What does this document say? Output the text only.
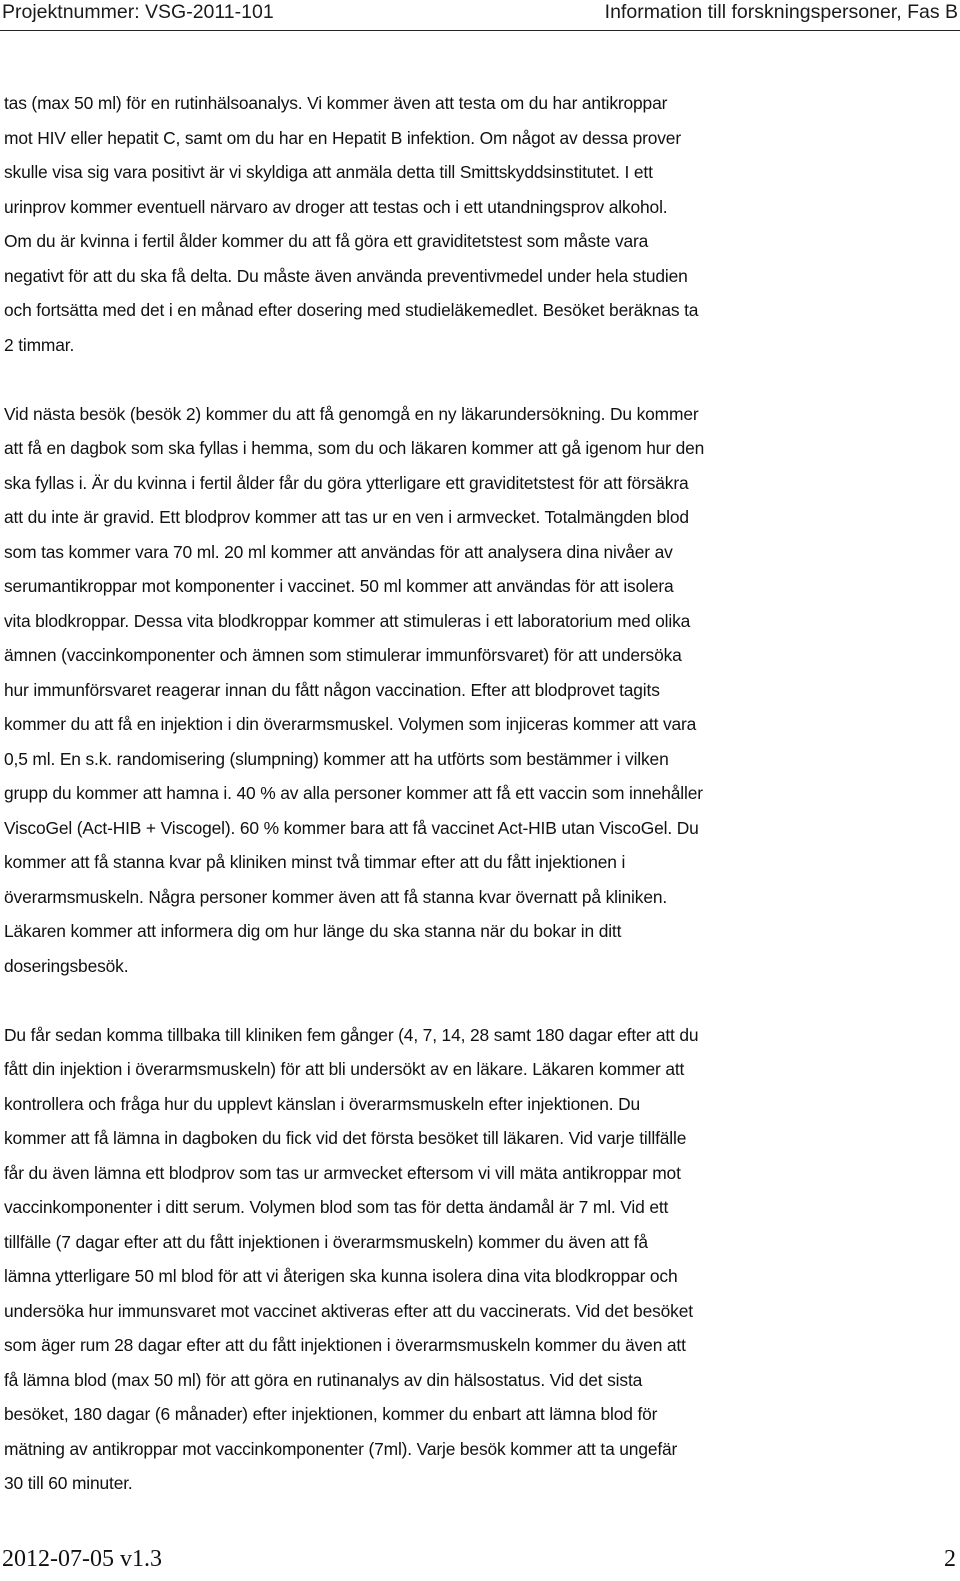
Projektnummer: VSG-2011-101	Information till forskningspersoner, Fas B

tas (max 50 ml) för en rutinhälsoanalys. Vi kommer även att testa om du har antikroppar
mot HIV eller hepatit C, samt om du har en Hepatit B infektion. Om något av dessa prover
skulle visa sig vara positivt är vi skyldiga att anmäla detta till Smittskyddsinstitutet. I ett
urinprov kommer eventuell närvaro av droger att testas och i ett utandningsprov alkohol.
Om du är kvinna i fertil ålder kommer du att få göra ett graviditetstest som måste vara
negativt för att du ska få delta. Du måste även använda preventivmedel under hela studien
och fortsätta med det i en månad efter dosering med studieläkemedlet. Besöket beräknas ta
2 timmar.

Vid nästa besök (besök 2) kommer du att få genomgå en ny läkarundersökning. Du kommer
att få en dagbok som ska fyllas i hemma, som du och läkaren kommer att gå igenom hur den
ska fyllas i. Är du kvinna i fertil ålder får du göra ytterligare ett graviditetstest för att försäkra
att du inte är gravid. Ett blodprov kommer att tas ur en ven i armvecket. Totalmängden blod
som tas kommer vara 70 ml. 20 ml kommer att användas för att analysera dina nivåer av
serumantikroppar mot komponenter i vaccinet. 50 ml kommer att användas för att isolera
vita blodkroppar. Dessa vita blodkroppar kommer att stimuleras i ett laboratorium med olika
ämnen (vaccinkomponenter och ämnen som stimulerar immunförsvaret) för att undersöka
hur immunförsvaret reagerar innan du fått någon vaccination. Efter att blodprovet tagits
kommer du att få en injektion i din överarmsmuskel. Volymen som injiceras kommer att vara
0,5 ml. En s.k. randomisering (slumpning) kommer att ha utförts som bestämmer i vilken
grupp du kommer att hamna i. 40 % av alla personer kommer att få ett vaccin som innehåller
ViscoGel (Act-HIB + Viscogel). 60 % kommer bara att få vaccinet Act-HIB utan ViscoGel. Du
kommer att få stanna kvar på kliniken minst två timmar efter att du fått injektionen i
överarmsmuskeln. Några personer kommer även att få stanna kvar övernatt på kliniken.
Läkaren kommer att informera dig om hur länge du ska stanna när du bokar in ditt
doseringsbesök.

Du får sedan komma tillbaka till kliniken fem gånger (4, 7, 14, 28 samt 180 dagar efter att du
fått din injektion i överarmsmuskeln) för att bli undersökt av en läkare. Läkaren kommer att
kontrollera och fråga hur du upplevt känslan i överarmsmuskeln efter injektionen. Du
kommer att få lämna in dagboken du fick vid det första besöket till läkaren. Vid varje tillfälle
får du även lämna ett blodprov som tas ur armvecket eftersom vi vill mäta antikroppar mot
vaccinkomponenter i ditt serum. Volymen blod som tas för detta ändamål är 7 ml. Vid ett
tillfälle (7 dagar efter att du fått injektionen i överarmsmuskeln) kommer du även att få
lämna ytterligare 50 ml blod för att vi återigen ska kunna isolera dina vita blodkroppar och
undersöka hur immunsvaret mot vaccinet aktiveras efter att du vaccinerats. Vid det besöket
som äger rum 28 dagar efter att du fått injektionen i överarmsmuskeln kommer du även att
få lämna blod (max 50 ml) för att göra en rutinanalys av din hälsostatus. Vid det sista
besöket, 180 dagar (6 månader) efter injektionen, kommer du enbart att lämna blod för
mätning av antikroppar mot vaccinkomponenter (7ml). Varje besök kommer att ta ungefär
30 till 60 minuter.

2012-07-05 v1.3	2
